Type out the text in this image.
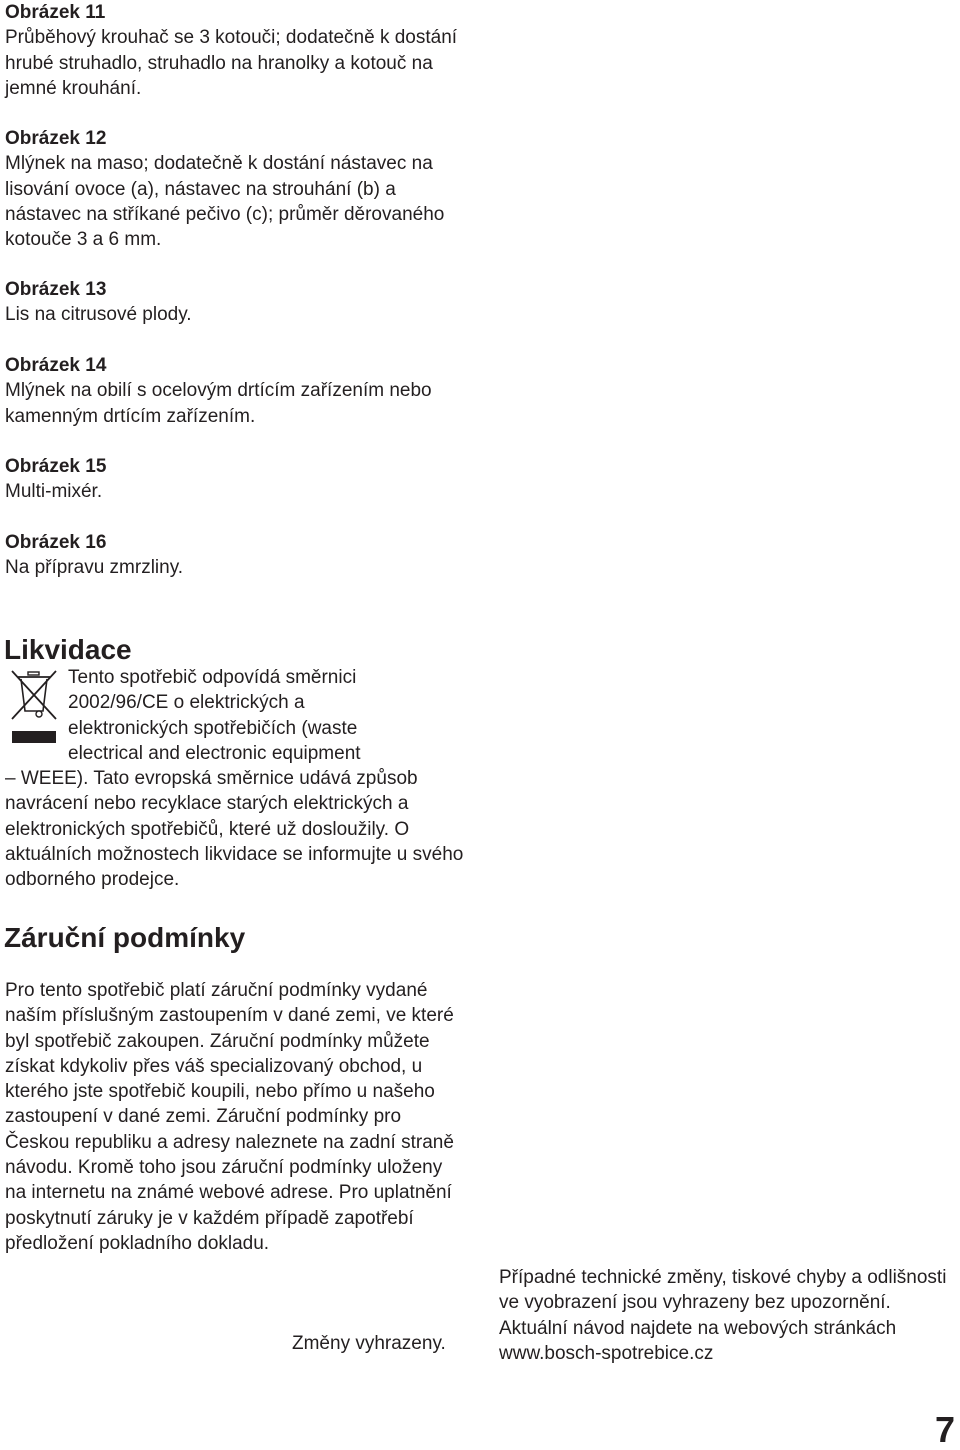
Obrázek 11
Průběhový krouhač se 3 kotouči; dodatečně k dostání hrubé struhadlo, struhadlo na hranolky a kotouč na jemné krouhání.
Obrázek 12
Mlýnek na maso; dodatečně k dostání nástavec na lisování ovoce (a), nástavec na strouhání (b) a nástavec na stříkané pečivo (c); průměr děrovaného kotouče 3 a 6 mm.
Obrázek 13
Lis na citrusové plody.
Obrázek 14
Mlýnek na obilí s ocelovým drtícím zařízením nebo kamenným drtícím zařízením.
Obrázek 15
Multi-mixér.
Obrázek 16
Na přípravu zmrzliny.
Likvidace
Tento spotřebič odpovídá směrnici 2002/96/CE o elektrických a elektronických spotřebičích (waste electrical and electronic equipment
– WEEE). Tato evropská směrnice udává způsob navrácení nebo recyklace starých elektrických a elektronických spotřebičů, které už dosloužily. O aktuálních možnostech likvidace se informujte u svého odborného prodejce.
Záruční podmínky
Pro tento spotřebič platí záruční podmínky vydané naším příslušným zastoupením v dané zemi, ve které byl spotřebič zakoupen. Záruční podmínky můžete získat kdykoliv přes váš specializovaný obchod, u kterého jste spotřebič koupili, nebo přímo u našeho zastoupení v dané zemi. Záruční podmínky pro Českou republiku a adresy naleznete na zadní straně návodu. Kromě toho jsou záruční podmínky uloženy na internetu na známé webové adrese. Pro uplatnění poskytnutí záruky je v každém případě zapotřebí předložení pokladního dokladu.
Změny vyhrazeny.
Případné technické změny, tiskové chyby a odlišnosti ve vyobrazení jsou vyhrazeny bez upozornění. Aktuální návod najdete na webových stránkách www.bosch-spotrebice.cz
7
